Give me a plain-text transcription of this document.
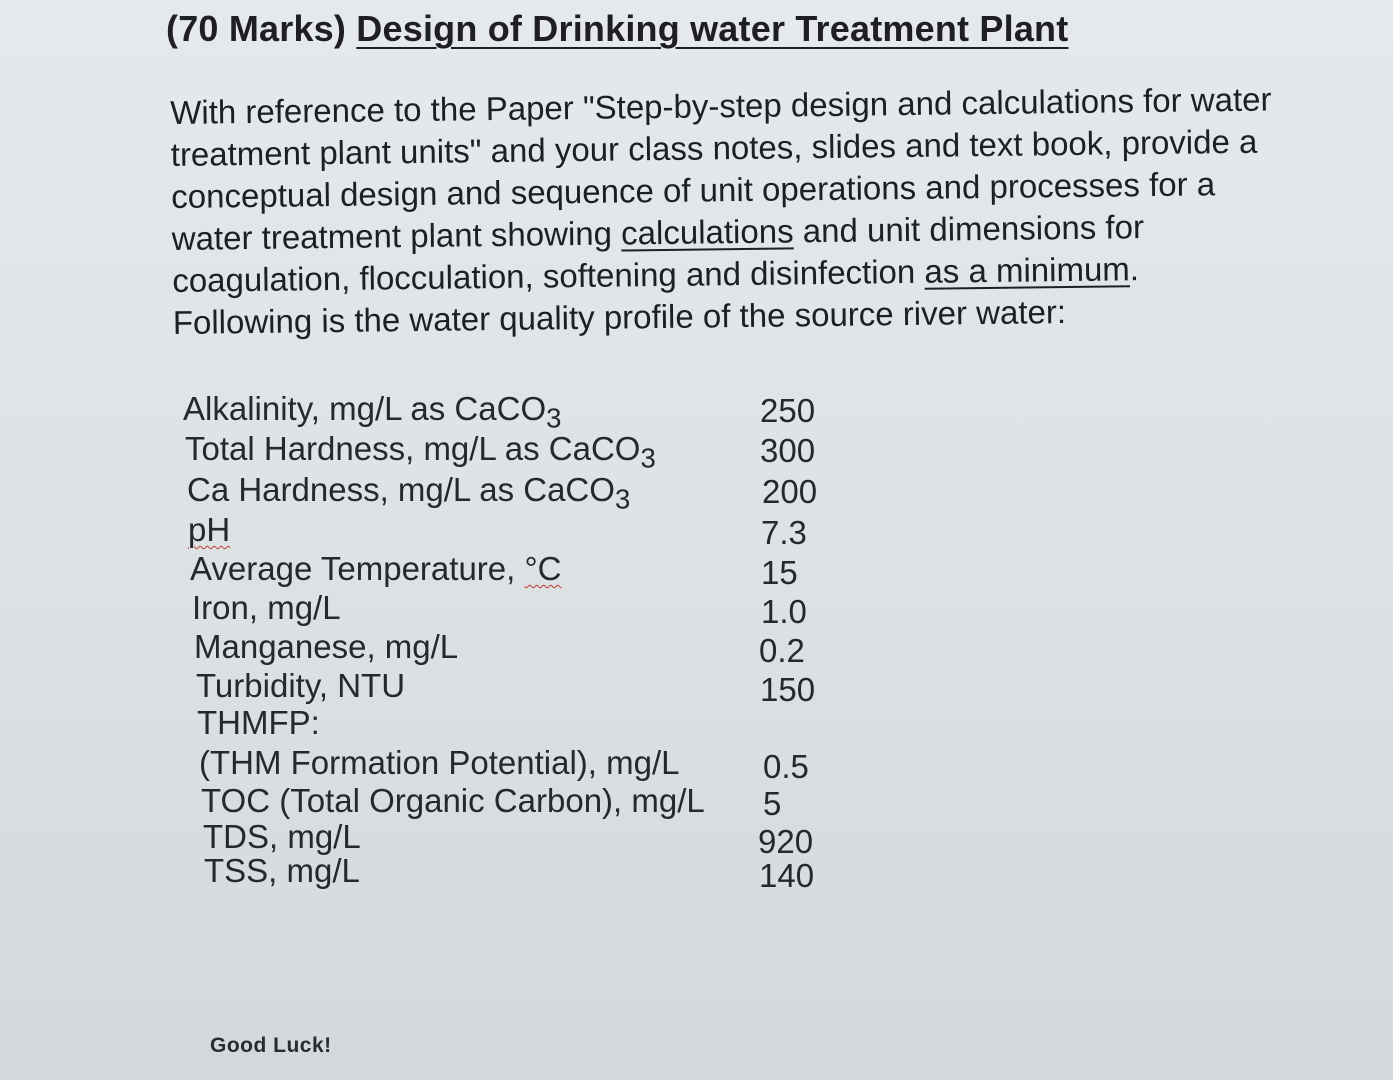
(70 Marks) Design of Drinking water Treatment Plant
With reference to the Paper "Step-by-step design and calculations for water
treatment plant units" and your class notes, slides and text book, provide a
conceptual design and sequence of unit operations and processes for a
water treatment plant showing calculations and unit dimensions for
coagulation, flocculation, softening and disinfection as a minimum.
Following is the water quality profile of the source river water:
Alkalinity, mg/L as CaCO$_3$	250
Total Hardness, mg/L as CaCO$_3$	300
Ca Hardness, mg/L as CaCO$_3$	200
pH	7.3
Average Temperature, °C	15
Iron, mg/L	1.0
Manganese, mg/L	0.2
Turbidity, NTU	150
THMFP:
(THM Formation Potential), mg/L	0.5
TOC (Total Organic Carbon), mg/L 5
TDS, mg/L	920
TSS, mg/L	140
Good Luck!
